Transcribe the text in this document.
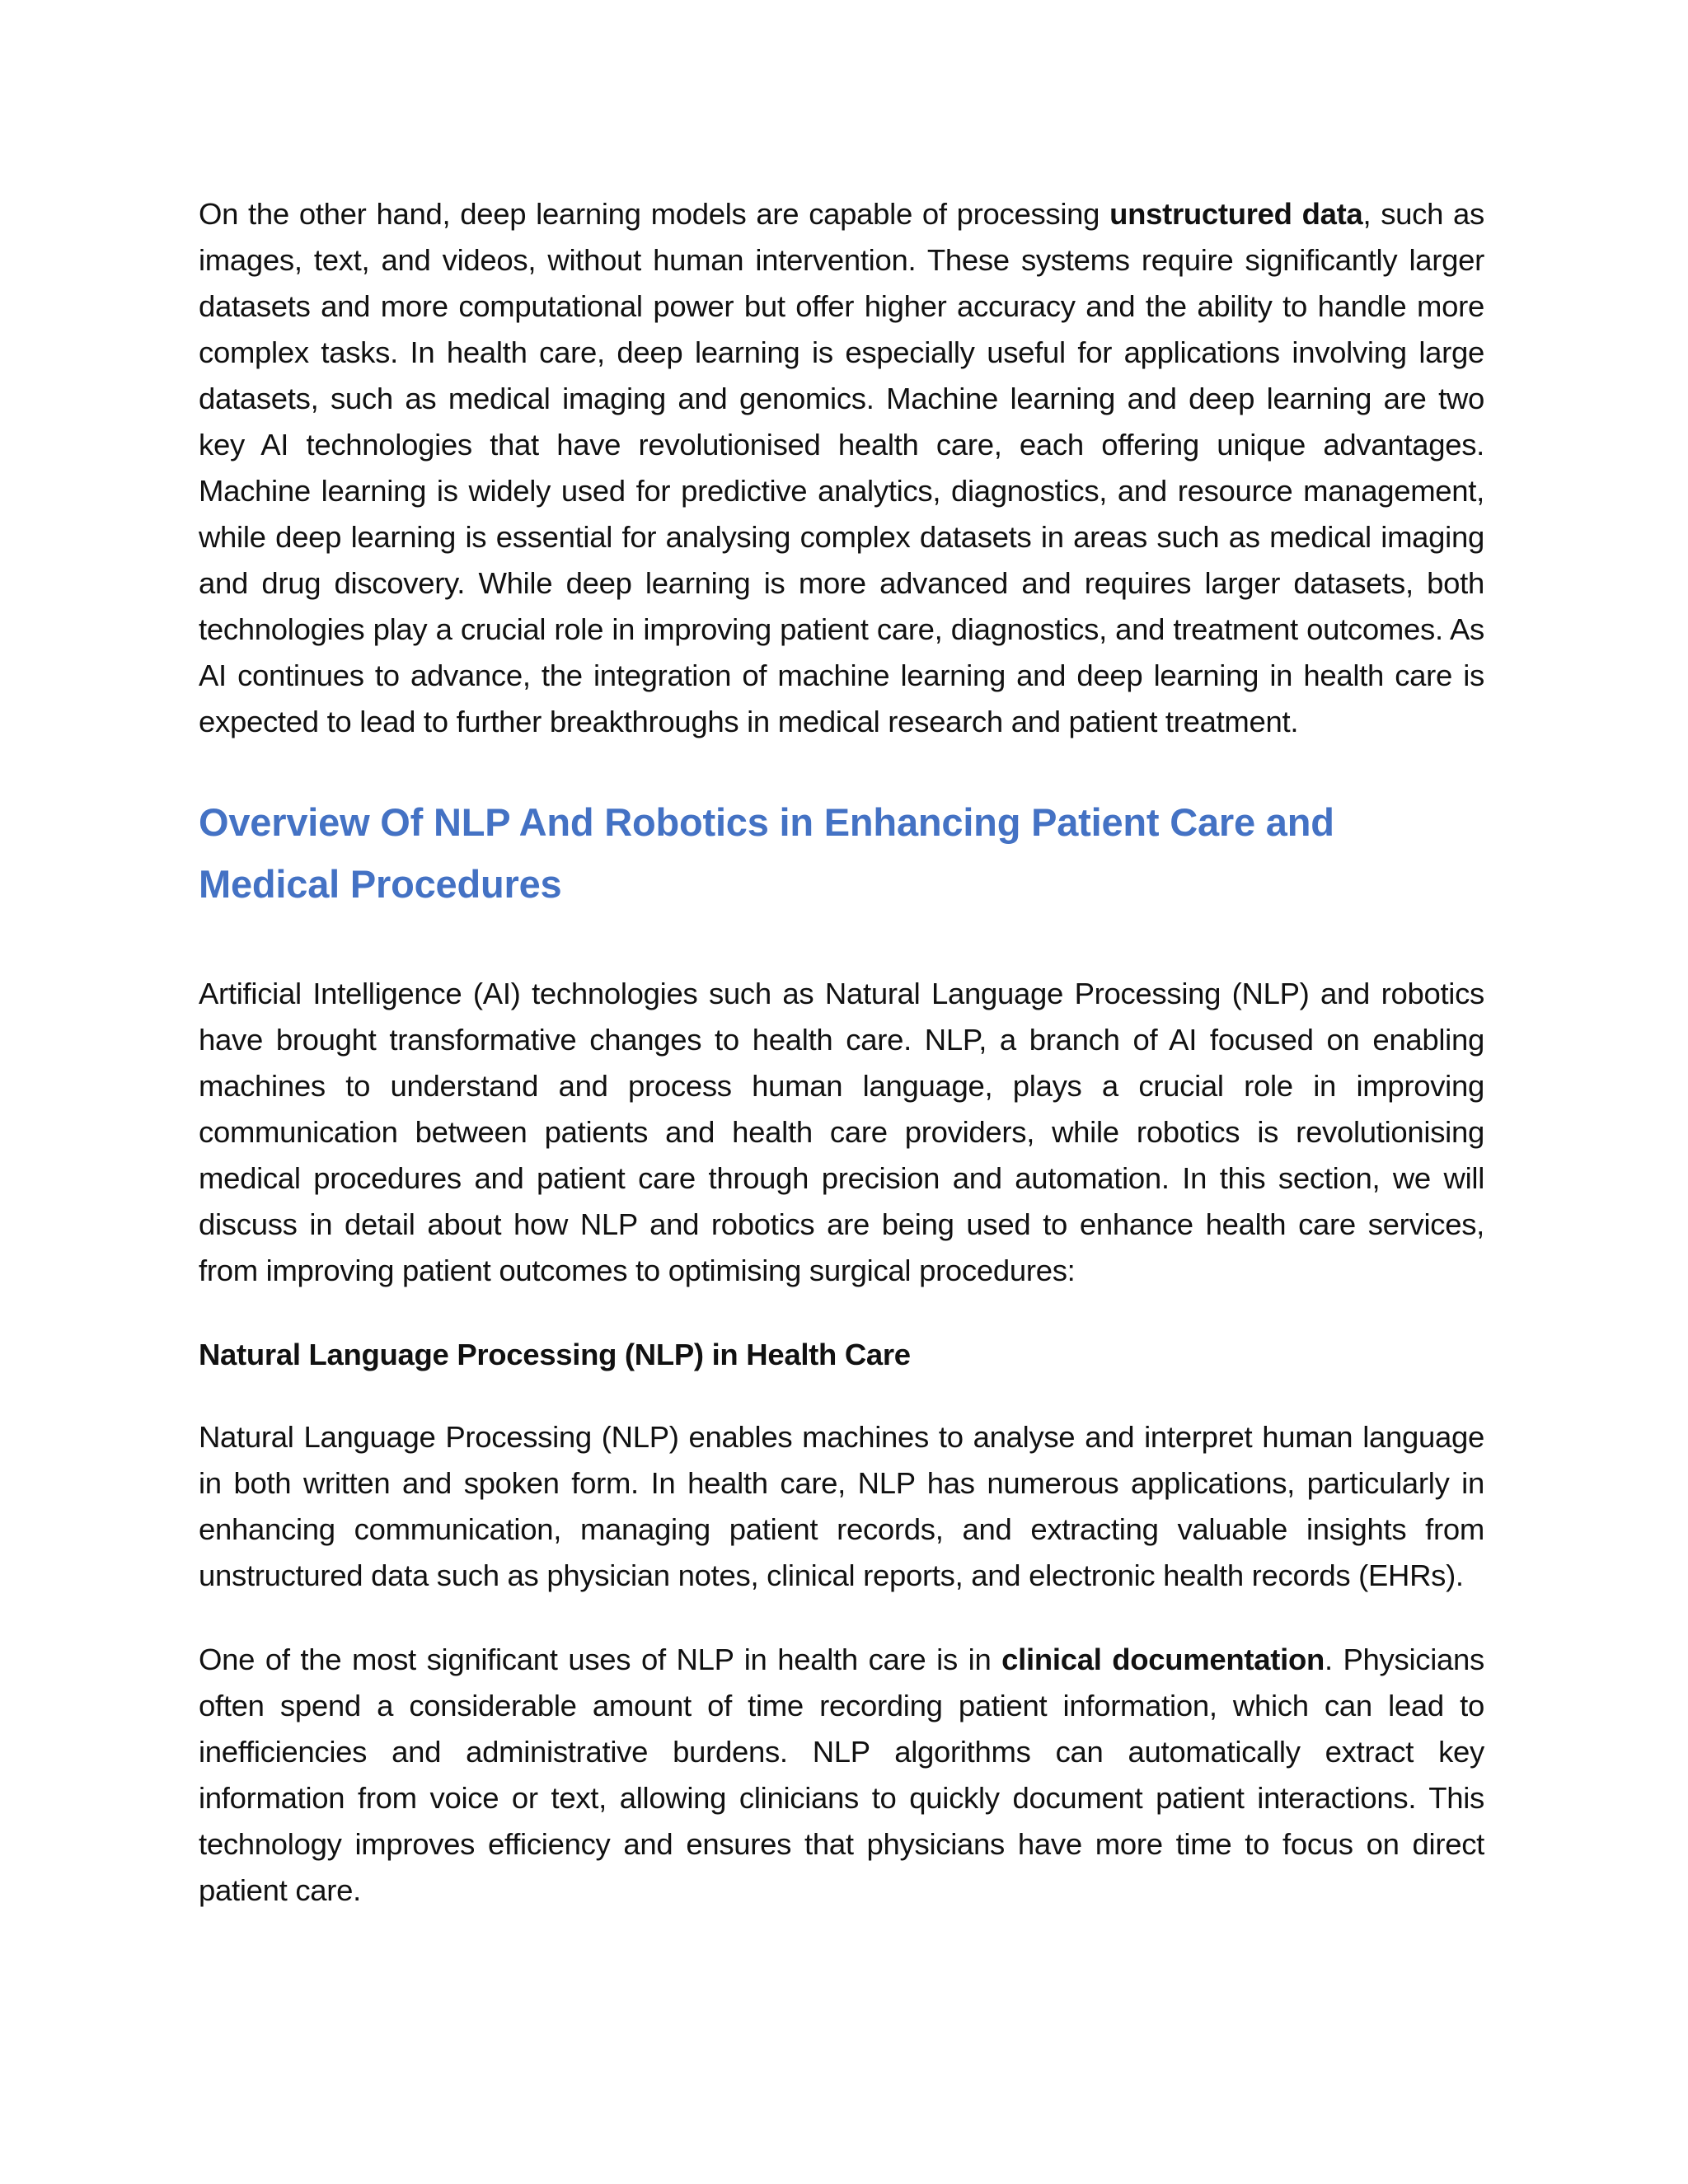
On the other hand, deep learning models are capable of processing unstructured data, such as images, text, and videos, without human intervention. These systems require significantly larger datasets and more computational power but offer higher accuracy and the ability to handle more complex tasks. In health care, deep learning is especially useful for applications involving large datasets, such as medical imaging and genomics. Machine learning and deep learning are two key AI technologies that have revolutionised health care, each offering unique advantages. Machine learning is widely used for predictive analytics, diagnostics, and resource management, while deep learning is essential for analysing complex datasets in areas such as medical imaging and drug discovery. While deep learning is more advanced and requires larger datasets, both technologies play a crucial role in improving patient care, diagnostics, and treatment outcomes. As AI continues to advance, the integration of machine learning and deep learning in health care is expected to lead to further breakthroughs in medical research and patient treatment.

Overview Of NLP And Robotics in Enhancing Patient Care and Medical Procedures

Artificial Intelligence (AI) technologies such as Natural Language Processing (NLP) and robotics have brought transformative changes to health care. NLP, a branch of AI focused on enabling machines to understand and process human language, plays a crucial role in improving communication between patients and health care providers, while robotics is revolutionising medical procedures and patient care through precision and automation. In this section, we will discuss in detail about how NLP and robotics are being used to enhance health care services, from improving patient outcomes to optimising surgical procedures:

Natural Language Processing (NLP) in Health Care

Natural Language Processing (NLP) enables machines to analyse and interpret human language in both written and spoken form. In health care, NLP has numerous applications, particularly in enhancing communication, managing patient records, and extracting valuable insights from unstructured data such as physician notes, clinical reports, and electronic health records (EHRs).

One of the most significant uses of NLP in health care is in clinical documentation. Physicians often spend a considerable amount of time recording patient information, which can lead to inefficiencies and administrative burdens. NLP algorithms can automatically extract key information from voice or text, allowing clinicians to quickly document patient interactions. This technology improves efficiency and ensures that physicians have more time to focus on direct patient care.
